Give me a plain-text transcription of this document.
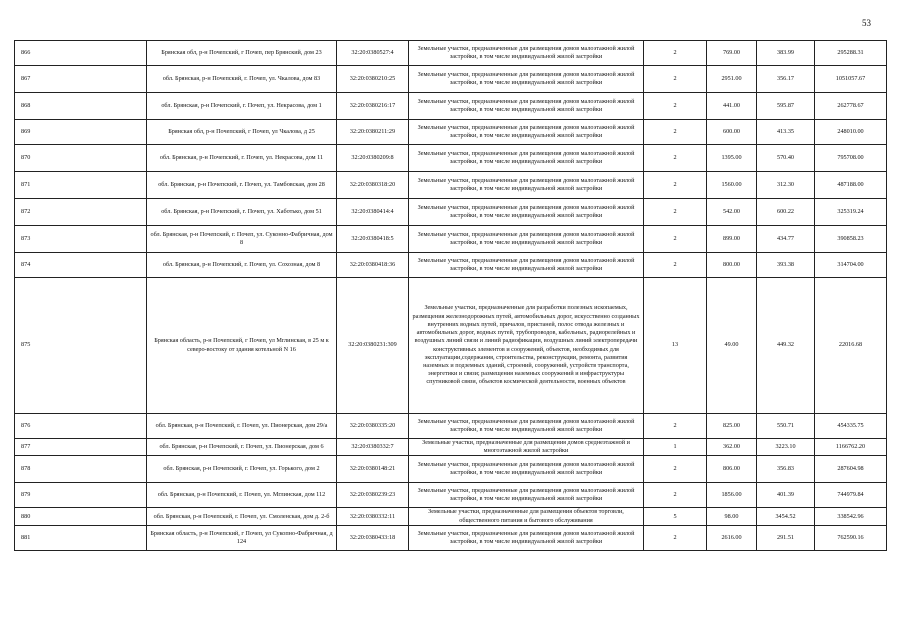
53
866	Брянская обл, р-н Почепский, г Почеп, пер Брянский, дом 23	32:20:0380527:4	Земельные участки, предназначенные для размещения домов малоэтажной жилой застройки, в том числе индивидуальной жилой застройки	2	769.00	383.99	295288.31
867	обл. Брянская, р-н Почепский, г. Почеп, ул. Чкалова, дом 83	32:20:0380210:25	Земельные участки, предназначенные для размещения домов малоэтажной жилой застройки, в том числе индивидуальной жилой застройки	2	2951.00	356.17	1051057.67
868	обл. Брянская, р-н Почепский, г. Почеп, ул. Некрасова, дом 1	32:20:0380216:17	Земельные участки, предназначенные для размещения домов малоэтажной жилой застройки, в том числе индивидуальной жилой застройки	2	441.00	595.87	262778.67
869	Брянская обл, р-н Почепский, г Почеп, ул Чкалова, д 25	32:20:0380211:29	Земельные участки, предназначенные для размещения домов малоэтажной жилой застройки, в том числе индивидуальной жилой застройки	2	600.00	413.35	248010.00
870	обл. Брянская, р-н Почепский, г. Почеп, ул. Некрасова, дом 11	32:20:0380209:8	Земельные участки, предназначенные для размещения домов малоэтажной жилой застройки, в том числе индивидуальной жилой застройки	2	1395.00	570.40	795708.00
871	обл. Брянская, р-н Почепский, г. Почеп, ул. Тамбовская, дом 28	32:20:0380318:20	Земельные участки, предназначенные для размещения домов малоэтажной жилой застройки, в том числе индивидуальной жилой застройки	2	1560.00	312.30	487188.00
872	обл. Брянская, р-н Почепский, г. Почеп, ул. Хаботько, дом 51	32:20:0380414:4	Земельные участки, предназначенные для размещения домов малоэтажной жилой застройки, в том числе индивидуальной жилой застройки	2	542.00	600.22	325319.24
873	обл. Брянская, р-н Почепский, г. Почеп, ул. Суконно-Фабричная, дом 8	32:20:0380418:5	Земельные участки, предназначенные для размещения домов малоэтажной жилой застройки, в том числе индивидуальной жилой застройки	2	899.00	434.77	390858.23
874	обл. Брянская, р-н Почепский, г. Почеп, ул. Сохозная, дом 8	32:20:0380418:36	Земельные участки, предназначенные для размещения домов малоэтажной жилой застройки, в том числе индивидуальной жилой застройки	2	800.00	393.38	314704.00
875	Брянская область, р-н Почепский, г Почеп, ул Мглинская, в 25 м к северо-востоку от здания котельной N 16	32:20:0380231:309	Земельные участки, предназначенные для разработки полезных ископаемых, размещения железнодорожных путей, автомобильных дорог, искусственно созданных внутренних водных путей, причалов, пристаней, полос отвода железных и автомобильных дорог, водных путей, трубопроводов, кабельных, радиорелейных и воздушных линий связи и линий радиофикации, воздушных линий электропередачи конструктивных элементов и сооружений, объектов, необходимых для эксплуатации,содержания, строительства, реконструкции, ремонта, развития наземных и подземных зданий, строений, сооружений, устройств транспорта, энергетики и связи; размещения наземных сооружений и инфраструктуры спутниковой связи, объектов космической деятельности, военных объектов	13	49.00	449.32	22016.68
876	обл. Брянская, р-н Почепский, г. Почеп, ул. Пионерская, дом 29/а	32:20:0380335:20	Земельные участки, предназначенные для размещения домов малоэтажной жилой застройки, в том числе индивидуальной жилой застройки	2	825.00	550.71	454335.75
877	обл. Брянская, р-н Почепский, г. Почеп, ул. Пионерская, дом 6	32:20:0380332:7	Земельные участки, предназначенные для размещения домов среднеэтажной и многоэтажной жилой застройки	1	362.00	3223.10	1166762.20
878	обл. Брянская, р-н Почепский, г. Почеп, ул. Горького, дом 2	32:20:0380148:21	Земельные участки, предназначенные для размещения домов малоэтажной жилой застройки, в том числе индивидуальной жилой застройки	2	806.00	356.83	287604.98
879	обл. Брянская, р-н Почепский, г. Почеп, ул. Мглинская, дом 112	32:20:0380239:23	Земельные участки, предназначенные для размещения домов малоэтажной жилой застройки, в том числе индивидуальной жилой застройки	2	1856.00	401.39	744979.84
880	обл. Брянская, р-н Почепский, г. Почеп, ул. Смоленская, дом д. 2-б	32:20:0380332:11	Земельные участки, предназначенные для размещения объектов торговли, общественного питания и бытового обслуживания	5	98.00	3454.52	338542.96
881	Брянская область, р-н Почепский, г Почеп, ул Сукопно-Фабричная, д 124	32:20:0380433:18	Земельные участки, предназначенные для размещения домов малоэтажной жилой застройки, в том числе индивидуальной жилой застройки	2	2616.00	291.51	762590.16
